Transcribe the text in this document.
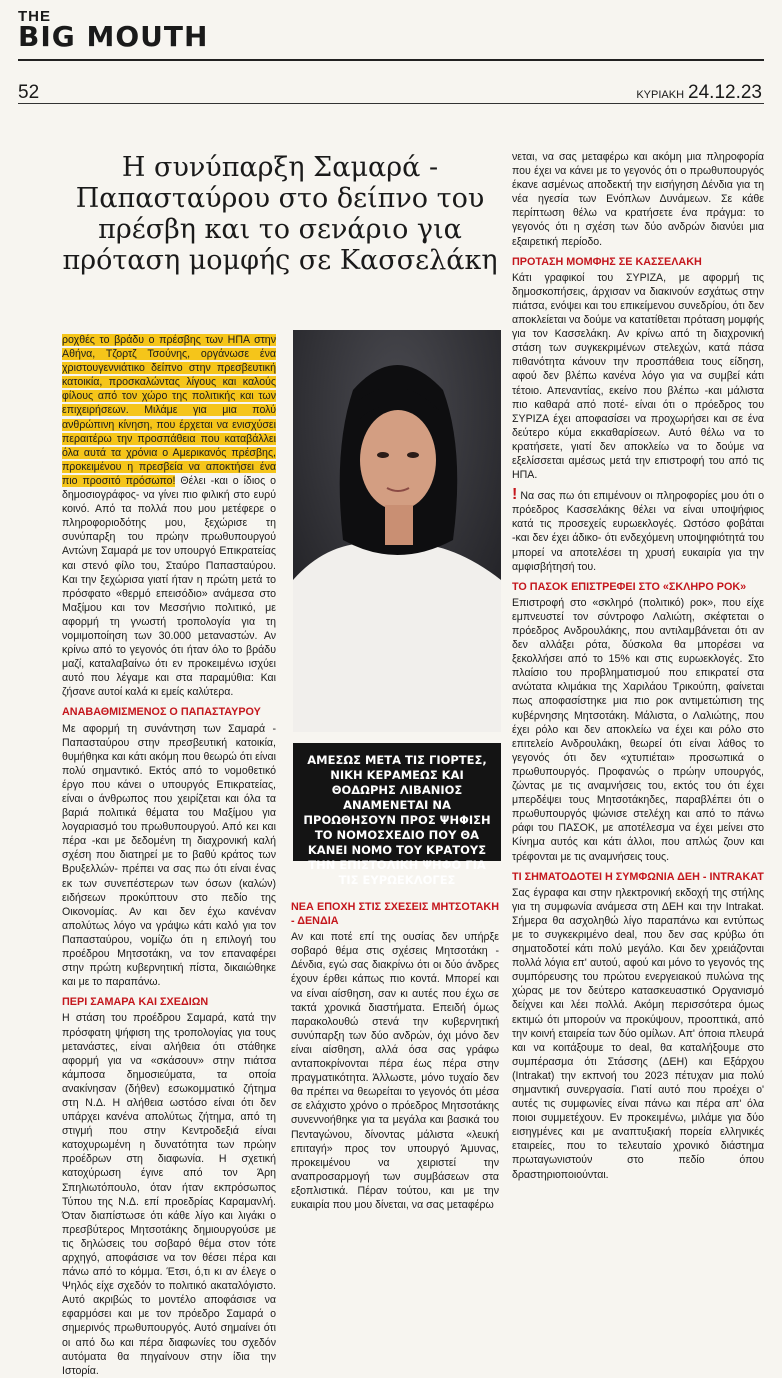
THE
BIG MOUTH
52	ΚΥΡΙΑΚΗ 24.12.23
Η συνύπαρξη Σαμαρά - Παπασταύρου στο δείπνο του πρέσβη και το σενάριο για πρόταση μομφής σε Κασσελάκη

ροχθές το βράδυ ο πρέσβης των ΗΠΑ στην Αθήνα, Τζορτζ Τσούνης, οργάνωσε ένα χριστουγεννιάτικο δείπνο στην πρεσβευτική κατοικία, προσκαλώντας λίγους και καλούς φίλους από τον χώρο της πολιτικής και των επιχειρήσεων. Μιλάμε για μια πολύ ανθρώπινη κίνηση, που έρχεται να ενισχύσει περαιτέρω την προσπάθεια που καταβάλλει όλα αυτά τα χρόνια ο Αμερικανός πρέσβης, προκειμένου η πρεσβεία να αποκτήσει ένα πιο προσιτό πρόσωπο! Θέλει -και ο ίδιος ο δημοσιογράφος- να γίνει πιο φιλική στο ευρύ κοινό. Από τα πολλά που μου μετέφερε ο πληροφοριοδότης μου, ξεχώρισε τη συνύπαρξη του πρώην πρωθυπουργού Αντώνη Σαμαρά με τον υπουργό Επικρατείας και στενό φίλο του, Σταύρο Παπασταύρου. Και την ξεχώρισα γιατί ήταν η πρώτη μετά το πρόσφατο «θερμό επεισόδιο» ανάμεσα στο Μαξίμου και τον Μεσσήνιο πολιτικό, με αφορμή τη γνωστή τροπολογία για τη νομιμοποίηση των 30.000 μεταναστών. Αν κρίνω από το γεγονός ότι ήταν όλο το βράδυ μαζί, καταλαβαίνω ότι εν προκειμένω ισχύει αυτό που λέγαμε και στα παραμύθια: Και ζήσανε αυτοί καλά κι εμείς καλύτερα.

ΑΝΑΒΑΘΜΙΣΜΕΝΟΣ Ο ΠΑΠΑΣΤΑΥΡΟΥ

Με αφορμή τη συνάντηση των Σαμαρά - Παπασταύρου στην πρεσβευτική κατοικία, θυμήθηκα και κάτι ακόμη που θεωρώ ότι είναι πολύ σημαντικό. Εκτός από το νομοθετικό έργο που κάνει ο υπουργός Επικρατείας, είναι ο άνθρωπος που χειρίζεται και όλα τα βαριά πολιτικά θέματα του Μαξίμου για λογαριασμό του πρωθυπουργού. Από κει και πέρα -και με δεδομένη τη διαχρονική καλή σχέση που διατηρεί με το βαθύ κράτος των Βρυξελλών- πρέπει να σας πω ότι είναι ένας εκ των συνεπέστερων των όσων (καλών) ειδήσεων προκύπτουν στο πεδίο της Οικονομίας. Αν και δεν έχω κανέναν απολύτως λόγο να γράψω κάτι καλό για τον Παπασταύρου, νομίζω ότι η επιλογή του προέδρου Μητσοτάκη, να τον επαναφέρει στην πρώτη κυβερνητική πίστα, δικαιώθηκε και με το παραπάνω.

ΠΕΡΙ ΣΑΜΑΡΑ ΚΑΙ ΣΧΕΔΙΩΝ

Η στάση του προέδρου Σαμαρά, κατά την πρόσφατη ψήφιση της τροπολογίας για τους μετανάστες, είναι αλήθεια ότι στάθηκε αφορμή για να «σκάσουν» στην πιάτσα κάμποσα δημοσιεύματα, τα οποία ανακίνησαν (δήθεν) εσωκομματικό ζήτημα στη Ν.Δ. Η αλήθεια ωστόσο είναι ότι δεν υπάρχει κανένα απολύτως ζήτημα, από τη στιγμή που στην Κεντροδεξιά είναι κατοχυρωμένη η δυνατότητα των πρώην προέδρων στη διαφωνία. Η σχετική κατοχύρωση έγινε από τον Άρη Σπηλιωτόπουλο, όταν ήταν εκπρόσωπος Τύπου της Ν.Δ. επί προεδρίας Καραμανλή. Όταν διαπίστωσε ότι κάθε λίγο και λιγάκι ο πρεσβύτερος Μητσοτάκης δημιουργούσε με τις δηλώσεις του σοβαρό θέμα στον τότε αρχηγό, αποφάσισε να τον θέσει πέρα και πάνω από το κόμμα. Έτσι, ό,τι κι αν έλεγε ο Ψηλός είχε σχεδόν το πολιτικό ακαταλόγιστο. Αυτό ακριβώς το μοντέλο αποφάσισε να εφαρμόσει και με τον πρόεδρο Σαμαρά ο σημερινός πρωθυπουργός. Αυτό σημαίνει ότι οι από δω και πέρα διαφωνίες του σχεδόν αυτόματα θα πηγαίνουν στην ίδια την Ιστορία.

ΑΜΕΣΩΣ ΜΕΤΑ ΤΙΣ ΓΙΟΡΤΕΣ, ΝΙΚΗ ΚΕΡΑΜΕΩΣ ΚΑΙ ΘΟΔΩΡΗΣ ΛΙΒΑΝΙΟΣ ΑΝΑΜΕΝΕΤΑΙ ΝΑ ΠΡΟΩΘΗΣΟΥΝ ΠΡΟΣ ΨΗΦΙΣΗ ΤΟ ΝΟΜΟΣΧΕΔΙΟ ΠΟΥ ΘΑ ΚΑΝΕΙ ΝΟΜΟ ΤΟΥ ΚΡΑΤΟΥΣ ΤΗΝ ΕΠΙΣΤΟΛΙΚΗ ΨΗΦΟ ΓΙΑ ΤΙΣ ΕΥΡΩΕΚΛΟΓΕΣ
ΝΕΑ ΕΠΟΧΗ ΣΤΙΣ ΣΧΕΣΕΙΣ ΜΗΤΣΟΤΑΚΗ - ΔΕΝΔΙΑ

Αν και ποτέ επί της ουσίας δεν υπήρξε σοβαρό θέμα στις σχέσεις Μητσοτάκη - Δένδια, εγώ σας διακρίνω ότι οι δύο άνδρες έχουν έρθει κάπως πιο κοντά. Μπορεί και να είναι αίσθηση, σαν κι αυτές που έχω σε τακτά χρονικά διαστήματα. Επειδή όμως παρακολουθώ στενά την κυβερνητική συνύπαρξη των δύο ανδρών, όχι μόνο δεν είναι αίσθηση, αλλά όσα σας γράφω ανταποκρίνονται πέρα έως πέρα στην πραγματικότητα. Άλλωστε, μόνο τυχαίο δεν θα πρέπει να θεωρείται το γεγονός ότι μέσα σε ελάχιστο χρόνο ο πρόεδρος Μητσοτάκης συνεννοήθηκε για τα μεγάλα και βασικά του Πενταγώνου, δίνοντας μάλιστα «λευκή επιταγή» προς τον υπουργό Άμυνας, προκειμένου να χειριστεί την αναπροσαρμογή των συμβάσεων στα εξοπλιστικά. Πέραν τούτου, και με την ευκαιρία που μου δίνεται, να σας μεταφέρω

νεται, να σας μεταφέρω και ακόμη μια πληροφορία που έχει να κάνει με το γεγονός ότι ο πρωθυπουργός έκανε ασμένως αποδεκτή την εισήγηση Δένδια για τη νέα ηγεσία των Ενόπλων Δυνάμεων. Σε κάθε περίπτωση θέλω να κρατήσετε ένα πράγμα: το γεγονός ότι η σχέση των δύο ανδρών διανύει μια εξαιρετική περίοδο.

ΠΡΟΤΑΣΗ ΜΟΜΦΗΣ ΣΕ ΚΑΣΣΕΛΑΚΗ

Κάτι γραφικοί του ΣΥΡΙΖΑ, με αφορμή τις δημοσκοπήσεις, άρχισαν να διακινούν εσχάτως στην πιάτσα, ενόψει και του επικείμενου συνεδρίου, ότι δεν αποκλείεται να δούμε να κατατίθεται πρόταση μομφής για τον Κασσελάκη. Αν κρίνω από τη διαχρονική στάση των συγκεκριμένων στελεχών, κατά πάσα πιθανότητα κάνουν την προσπάθεια τους είδηση, αφού δεν βλέπω κανένα λόγο για να συμβεί κάτι τέτοιο. Απεναντίας, εκείνο που βλέπω -και μάλιστα πιο καθαρά από ποτέ- είναι ότι ο πρόεδρος του ΣΥΡΙΖΑ έχει αποφασίσει να προχωρήσει και σε ένα δεύτερο κύμα εκκαθαρίσεων. Αυτό θέλω να το κρατήσετε, γιατί δεν αποκλείω να το δούμε να εξελίσσεται αμέσως μετά την επιστροφή του από τις ΗΠΑ.

! Να σας πω ότι επιμένουν οι πληροφορίες μου ότι ο πρόεδρος Κασσελάκης θέλει να είναι υποψήφιος κατά τις προσεχείς ευρωεκλογές. Ωστόσο φοβάται -και δεν έχει άδικο- ότι ενδεχόμενη υποψηφιότητά του μπορεί να αποτελέσει τη χρυσή ευκαιρία για την αμφισβήτησή του.

ΤΟ ΠΑΣΟΚ ΕΠΙΣΤΡΕΦΕΙ ΣΤΟ «ΣΚΛΗΡΟ ΡΟΚ»

Επιστροφή στο «σκληρό (πολιτικό) ροκ», που είχε εμπνευστεί τον σύντροφο Λαλιώτη, σκέφτεται ο πρόεδρος Ανδρουλάκης, που αντιλαμβάνεται ότι αν δεν αλλάξει ρότα, δύσκολα θα μπορέσει να ξεκολλήσει από το 15% και στις ευρωεκλογές. Στο πλαίσιο του προβληματισμού που επικρατεί στα ανώτατα κλιμάκια της Χαριλάου Τρικούπη, φαίνεται πως αποφασίστηκε μια πιο ροκ αντιμετώπιση της κυβέρνησης Μητσοτάκη. Μάλιστα, ο Λαλιώτης, που έχει ρόλο και δεν αποκλείω να έχει και ρόλο στο επιτελείο Ανδρουλάκη, θεωρεί ότι είναι λάθος το γεγονός ότι δεν «χτυπιέται» προσωπικά ο πρωθυπουργός. Προφανώς ο πρώην υπουργός, ζώντας με τις αναμνήσεις του, εκτός του ότι έχει μπερδέψει τους Μητσοτάκηδες, παραβλέπει ότι ο πρωθυπουργός ψώνισε στελέχη και από το πάνω ράφι του ΠΑΣΟΚ, με αποτέλεσμα να έχει μείνει στο Κίνημα αυτός και κάτι άλλοι, που απλώς ζουν και τρέφονται με τις αναμνήσεις τους.

ΤΙ ΣΗΜΑΤΟΔΟΤΕΙ Η ΣΥΜΦΩΝΙΑ ΔΕΗ - INTRAKAT

Σας έγραφα και στην ηλεκτρονική εκδοχή της στήλης για τη συμφωνία ανάμεσα στη ΔΕΗ και την Intrakat. Σήμερα θα ασχοληθώ λίγο παραπάνω και εντύπως με το συγκεκριμένο deal, που δεν σας κρύβω ότι σηματοδοτεί κάτι πολύ μεγάλο. Και δεν χρειάζονται πολλά λόγια επ' αυτού, αφού και μόνο το γεγονός της συμπόρευσης του πρώτου ενεργειακού πυλώνα της χώρας με τον δεύτερο κατασκευαστικό Οργανισμό δείχνει και λέει πολλά. Ακόμη περισσότερα όμως εκτιμώ ότι μπορούν να προκύψουν, προοπτικά, από την κοινή εταιρεία των δύο ομίλων. Απ' όποια πλευρά και να κοιτάξουμε το deal, θα καταλήξουμε στο συμπέρασμα ότι Στάσσης (ΔΕΗ) και Εξάρχου (Intrakat) την εκπνοή του 2023 πέτυχαν μια πολύ σημαντική συνεργασία. Γιατί αυτό που προέχει ο' αυτές τις συμφωνίες είναι πάνω και πέρα απ' όλα ποιοι συμμετέχουν. Εν προκειμένω, μιλάμε για δύο εισηγμένες και με αναπτυξιακή πορεία ελληνικές εταιρείες, που το τελευταίο χρονικό διάστημα πρωταγωνιστούν στο πεδίο όπου δραστηριοποιούνται.
